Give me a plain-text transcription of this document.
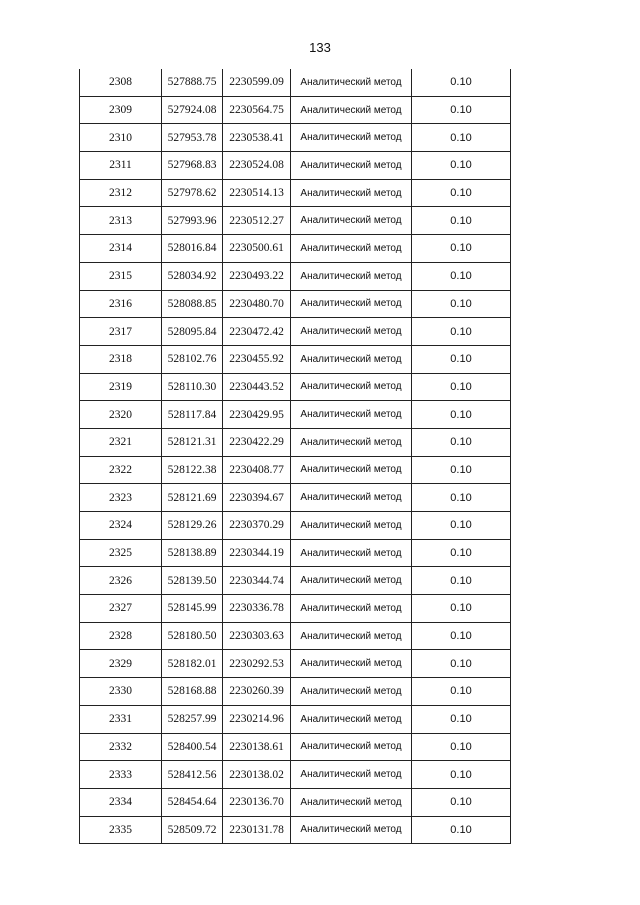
133
2308	527888.75	2230599.09	Аналитический метод	0.10
2309	527924.08	2230564.75	Аналитический метод	0.10
2310	527953.78	2230538.41	Аналитический метод	0.10
2311	527968.83	2230524.08	Аналитический метод	0.10
2312	527978.62	2230514.13	Аналитический метод	0.10
2313	527993.96	2230512.27	Аналитический метод	0.10
2314	528016.84	2230500.61	Аналитический метод	0.10
2315	528034.92	2230493.22	Аналитический метод	0.10
2316	528088.85	2230480.70	Аналитический метод	0.10
2317	528095.84	2230472.42	Аналитический метод	0.10
2318	528102.76	2230455.92	Аналитический метод	0.10
2319	528110.30	2230443.52	Аналитический метод	0.10
2320	528117.84	2230429.95	Аналитический метод	0.10
2321	528121.31	2230422.29	Аналитический метод	0.10
2322	528122.38	2230408.77	Аналитический метод	0.10
2323	528121.69	2230394.67	Аналитический метод	0.10
2324	528129.26	2230370.29	Аналитический метод	0.10
2325	528138.89	2230344.19	Аналитический метод	0.10
2326	528139.50	2230344.74	Аналитический метод	0.10
2327	528145.99	2230336.78	Аналитический метод	0.10
2328	528180.50	2230303.63	Аналитический метод	0.10
2329	528182.01	2230292.53	Аналитический метод	0.10
2330	528168.88	2230260.39	Аналитический метод	0.10
2331	528257.99	2230214.96	Аналитический метод	0.10
2332	528400.54	2230138.61	Аналитический метод	0.10
2333	528412.56	2230138.02	Аналитический метод	0.10
2334	528454.64	2230136.70	Аналитический метод	0.10
2335	528509.72	2230131.78	Аналитический метод	0.10
